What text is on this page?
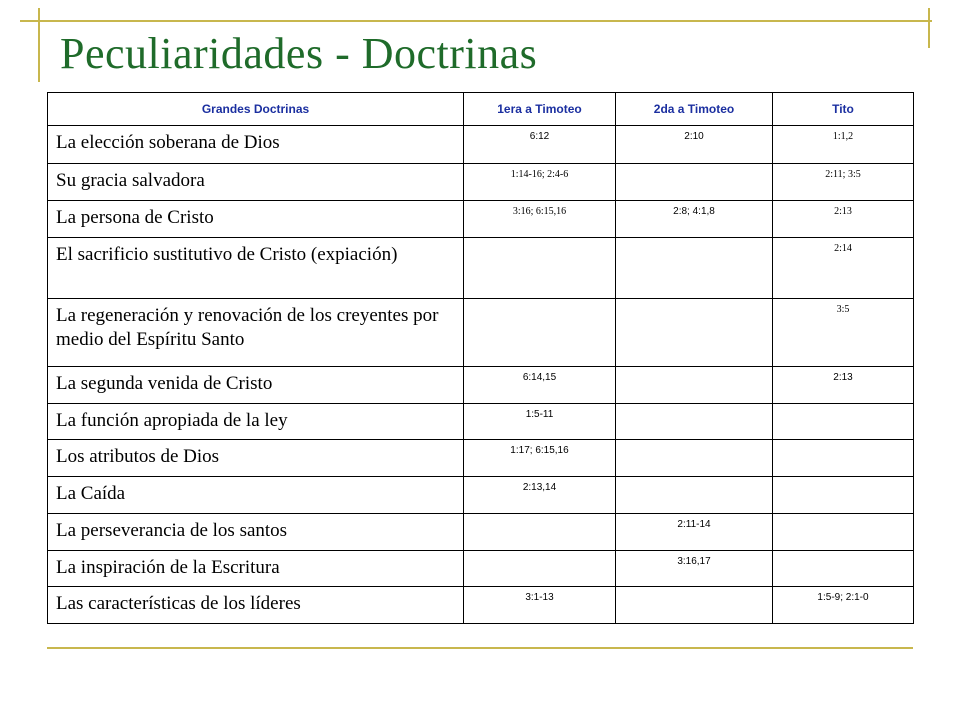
Peculiaridades - Doctrinas
Grandes Doctrinas	1era a Timoteo	2da a Timoteo	Tito
La elección soberana de Dios	6:12	2:10	1:1,2
Su gracia salvadora	1:14-16; 2:4-6		2:11; 3:5
La persona de Cristo	3:16; 6:15,16	2:8; 4:1,8	2:13
El sacrificio sustitutivo de Cristo (expiación)			2:14
La regeneración y renovación de los creyentes por medio del Espíritu Santo			3:5
La segunda venida de Cristo	6:14,15		2:13
La función apropiada de la ley	1:5-11		
Los atributos de Dios	1:17; 6:15,16		
La Caída	2:13,14		
La perseverancia de los santos		2:11-14	
La inspiración de la Escritura		3:16,17	
Las características de los líderes	3:1-13		1:5-9; 2:1-0
